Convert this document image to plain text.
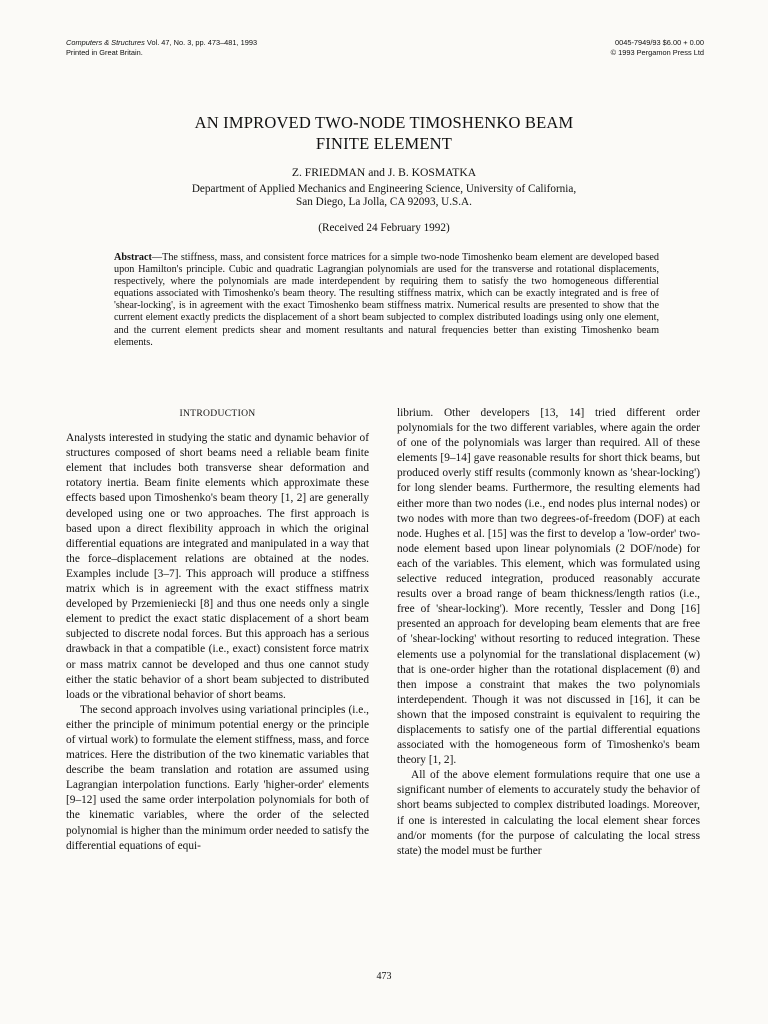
Computers & Structures Vol. 47, No. 3, pp. 473–481, 1993
Printed in Great Britain.
0045-7949/93 $6.00 + 0.00
© 1993 Pergamon Press Ltd
AN IMPROVED TWO-NODE TIMOSHENKO BEAM
FINITE ELEMENT
Z. FRIEDMAN and J. B. KOSMATKA
Department of Applied Mechanics and Engineering Science, University of California,
San Diego, La Jolla, CA 92093, U.S.A.
(Received 24 February 1992)

Abstract—The stiffness, mass, and consistent force matrices for a simple two-node Timoshenko beam element are developed based upon Hamilton's principle. Cubic and quadratic Lagrangian polynomials are used for the transverse and rotational displacements, respectively, where the polynomials are made interdependent by requiring them to satisfy the two homogeneous differential equations associated with Timoshenko's beam theory. The resulting stiffness matrix, which can be exactly integrated and is free of 'shear-locking', is in agreement with the exact Timoshenko beam stiffness matrix. Numerical results are presented to show that the current element exactly predicts the displacement of a short beam subjected to complex distributed loadings using only one element, and the current element predicts shear and moment resultants and natural frequencies better than existing Timoshenko beam elements.

INTRODUCTION

Analysts interested in studying the static and dynamic behavior of structures composed of short beams need a reliable beam finite element that includes both transverse shear deformation and rotatory inertia. Beam finite elements which approximate these effects based upon Timoshenko's beam theory [1, 2] are generally developed using one or two approaches. The first approach is based upon a direct flexibility approach in which the original differential equations are integrated and manipulated in a way that the force–displacement relations are obtained at the nodes. Examples include [3–7]. This approach will produce a stiffness matrix which is in agreement with the exact stiffness matrix developed by Przemieniecki [8] and thus one needs only a single element to predict the exact static displacement of a short beam subjected to discrete nodal forces. But this approach has a serious drawback in that a compatible (i.e., exact) consistent force matrix or mass matrix cannot be developed and thus one cannot study either the static behavior of a short beam subjected to distributed loads or the vibrational behavior of short beams.

The second approach involves using variational principles (i.e., either the principle of minimum potential energy or the principle of virtual work) to formulate the element stiffness, mass, and force matrices. Here the distribution of the two kinematic variables that describe the beam translation and rotation are assumed using Lagrangian interpolation functions. Early 'higher-order' elements [9–12] used the same order interpolation polynomials for both of the kinematic variables, where the order of the selected polynomial is higher than the minimum order needed to satisfy the differential equations of equi-

librium. Other developers [13, 14] tried different order polynomials for the two different variables, where again the order of one of the polynomials was larger than required. All of these elements [9–14] gave reasonable results for short thick beams, but produced overly stiff results (commonly known as 'shear-locking') for long slender beams. Furthermore, the resulting elements had either more than two nodes (i.e., end nodes plus internal nodes) or two nodes with more than two degrees-of-freedom (DOF) at each node. Hughes et al. [15] was the first to develop a 'low-order' two-node element based upon linear polynomials (2 DOF/node) for each of the variables. This element, which was formulated using selective reduced integration, produced reasonably accurate results over a broad range of beam thickness/length ratios (i.e., free of 'shear-locking'). More recently, Tessler and Dong [16] presented an approach for developing beam elements that are free of 'shear-locking' without resorting to reduced integration. These elements use a polynomial for the translational displacement (w) that is one-order higher than the rotational displacement (θ) and then impose a constraint that makes the two polynomials interdependent. Though it was not discussed in [16], it can be shown that the imposed constraint is equivalent to requiring the displacements to satisfy one of the partial differential equations associated with the homogeneous form of Timoshenko's beam theory [1, 2].

All of the above element formulations require that one use a significant number of elements to accurately study the behavior of short beams subjected to complex distributed loadings. Moreover, if one is interested in calculating the local element shear forces and/or moments (for the purpose of calculating the local stress state) the model must be further

473
